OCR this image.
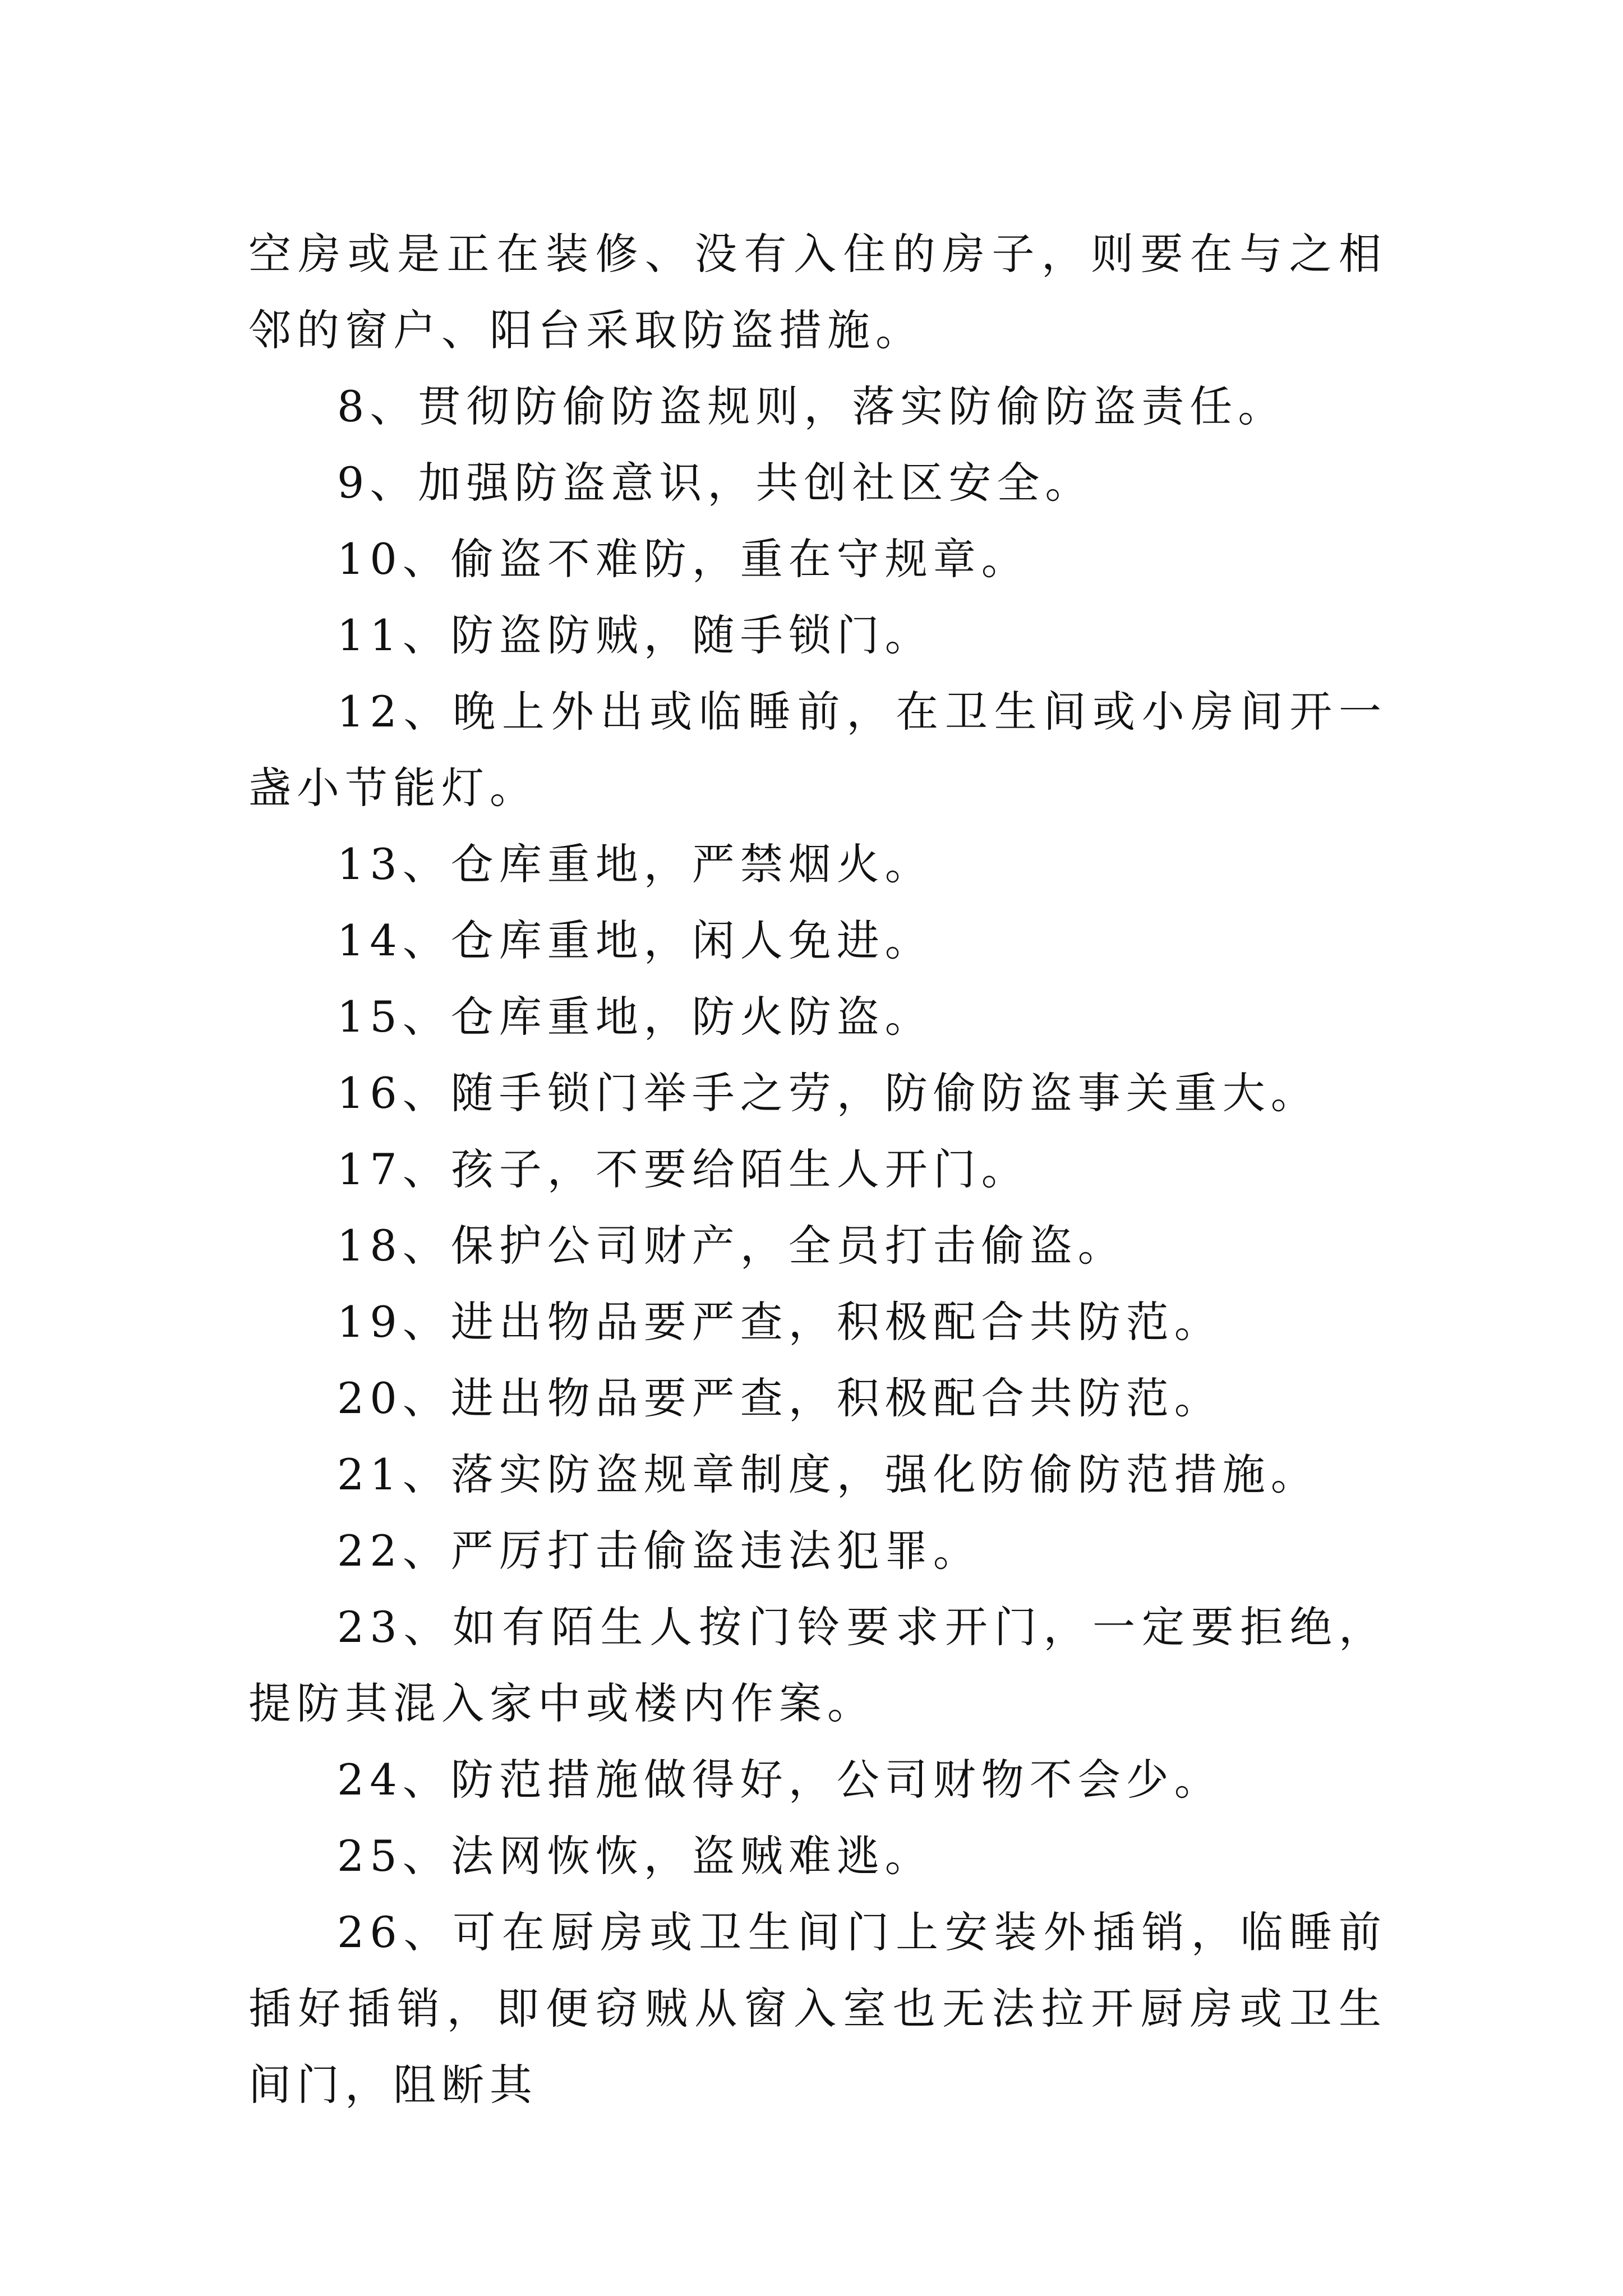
空房或是正在装修、没有入住的房子，则要在与之相邻的窗户、阳台采取防盗措施。

8、贯彻防偷防盗规则，落实防偷防盗责任。

9、加强防盗意识，共创社区安全。

10、偷盗不难防，重在守规章。

11、防盗防贼，随手锁门。

12、晚上外出或临睡前，在卫生间或小房间开一盏小节能灯。

13、仓库重地，严禁烟火。

14、仓库重地，闲人免进。

15、仓库重地，防火防盗。

16、随手锁门举手之劳，防偷防盗事关重大。

17、孩子，不要给陌生人开门。

18、保护公司财产，全员打击偷盗。

19、进出物品要严查，积极配合共防范。

20、进出物品要严查，积极配合共防范。

21、落实防盗规章制度，强化防偷防范措施。

22、严厉打击偷盗违法犯罪。

23、如有陌生人按门铃要求开门，一定要拒绝，提防其混入家中或楼内作案。

24、防范措施做得好，公司财物不会少。

25、法网恢恢，盗贼难逃。

26、可在厨房或卫生间门上安装外插销，临睡前插好插销，即便窃贼从窗入室也无法拉开厨房或卫生间门，阻断其
